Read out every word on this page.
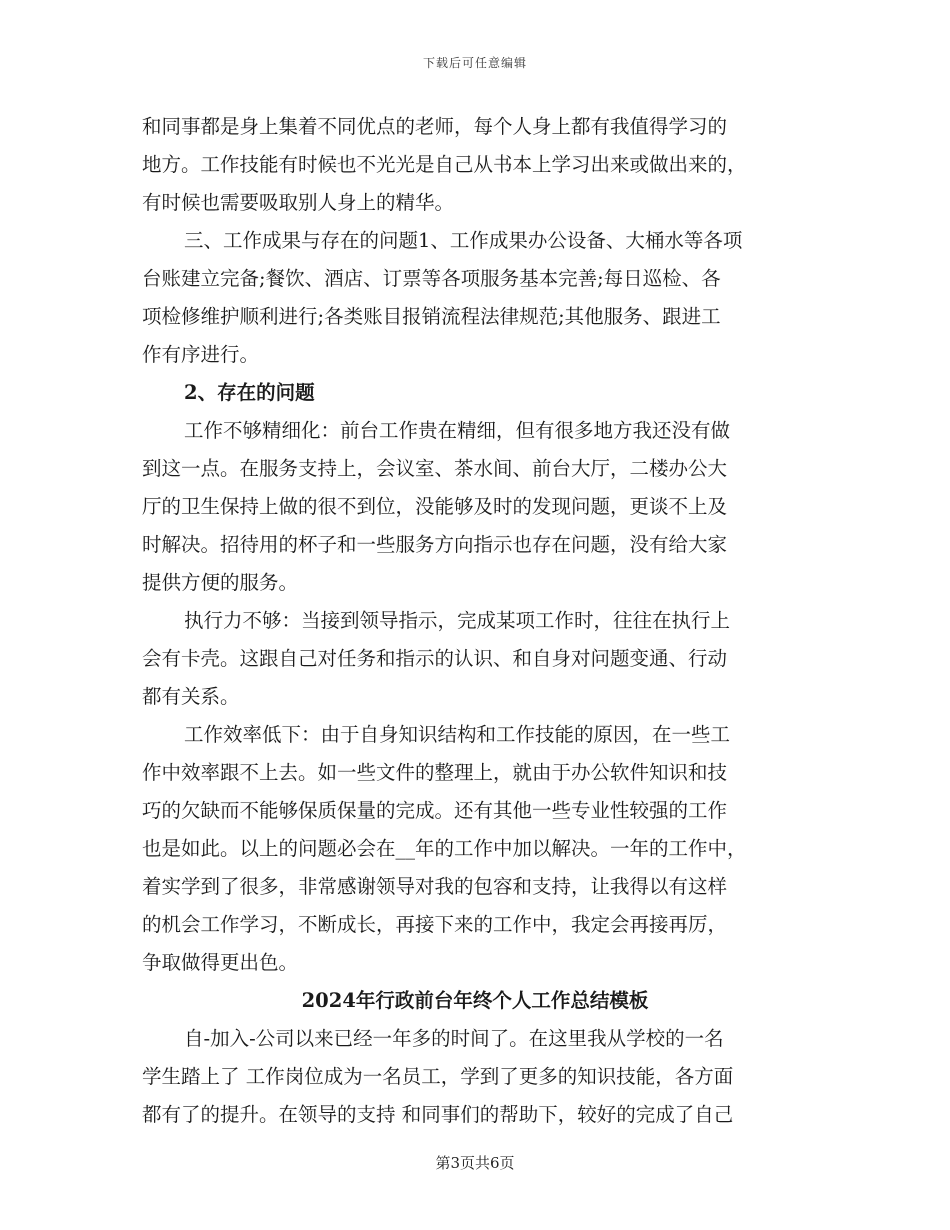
下载后可任意编辑
和同事都是身上集着不同优点的老师，每个人身上都有我值得学习的
地方。工作技能有时候也不光光是自己从书本上学习出来或做出来的，
有时候也需要吸取别人身上的精华。
三、工作成果与存在的问题1、工作成果办公设备、大桶水等各项
台账建立完备;餐饮、酒店、订票等各项服务基本完善;每日巡检、各
项检修维护顺利进行;各类账目报销流程法律规范;其他服务、跟进工
作有序进行。
2、存在的问题
工作不够精细化：前台工作贵在精细，但有很多地方我还没有做
到这一点。在服务支持上，会议室、茶水间、前台大厅，二楼办公大
厅的卫生保持上做的很不到位，没能够及时的发现问题，更谈不上及
时解决。招待用的杯子和一些服务方向指示也存在问题，没有给大家
提供方便的服务。
执行力不够：当接到领导指示，完成某项工作时，往往在执行上
会有卡壳。这跟自己对任务和指示的认识、和自身对问题变通、行动
都有关系。
工作效率低下：由于自身知识结构和工作技能的原因，在一些工
作中效率跟不上去。如一些文件的整理上，就由于办公软件知识和技
巧的欠缺而不能够保质保量的完成。还有其他一些专业性较强的工作
也是如此。以上的问题必会在__年的工作中加以解决。一年的工作中，
着实学到了很多，非常感谢领导对我的包容和支持，让我得以有这样
的机会工作学习，不断成长，再接下来的工作中，我定会再接再厉，
争取做得更出色。
2024年行政前台年终个人工作总结模板
自-加入-公司以来已经一年多的时间了。在这里我从学校的一名
学生踏上了 工作岗位成为一名员工，学到了更多的知识技能，各方面
都有了的提升。在领导的支持 和同事们的帮助下，较好的完成了自己
第3页共6页
